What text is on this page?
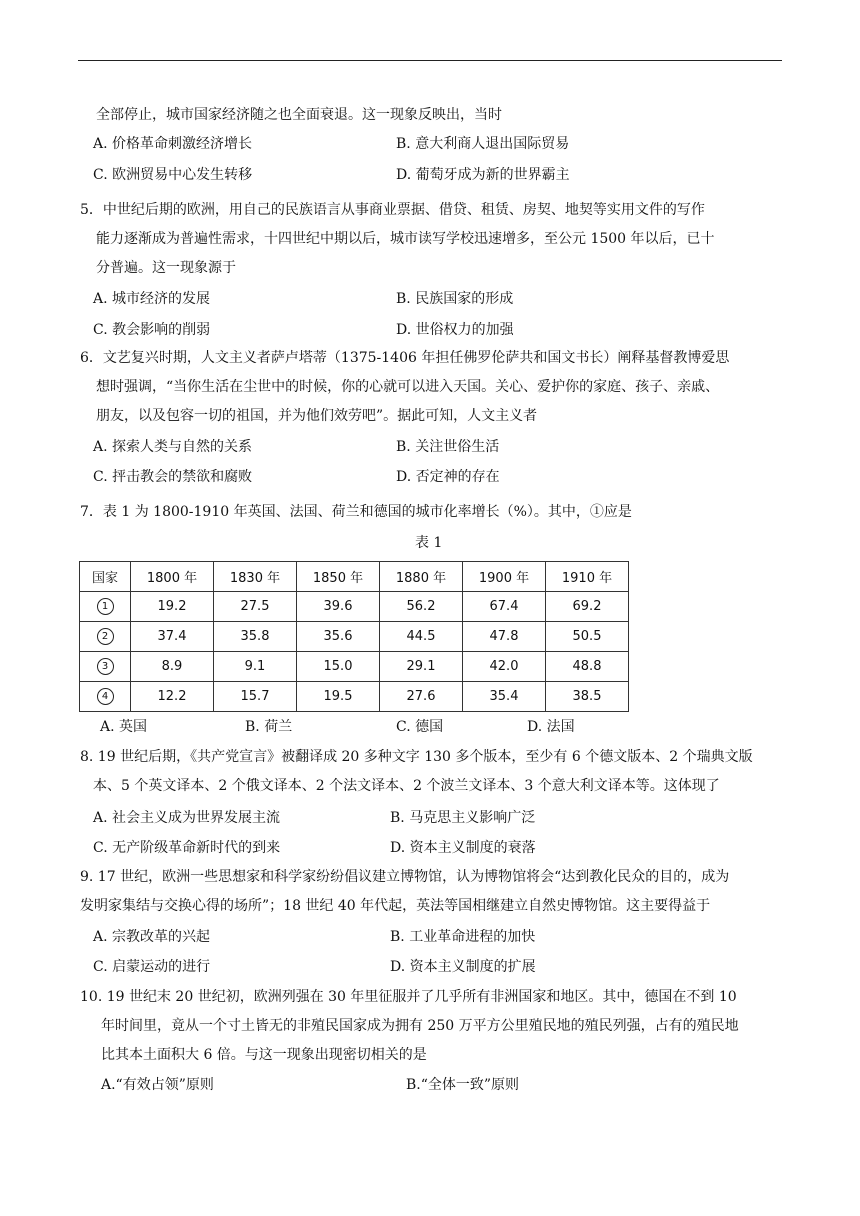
全部停止，城市国家经济随之也全面衰退。这一现象反映出，当时
A. 价格革命刺激经济增长	B. 意大利商人退出国际贸易
C. 欧洲贸易中心发生转移	D. 葡萄牙成为新的世界霸主
5．中世纪后期的欧洲，用自己的民族语言从事商业票据、借贷、租赁、房契、地契等实用文件的写作
能力逐渐成为普遍性需求，十四世纪中期以后，城市读写学校迅速增多，至公元 1500 年以后，已十
分普遍。这一现象源于
A. 城市经济的发展	B. 民族国家的形成
C. 教会影响的削弱	D. 世俗权力的加强
6．文艺复兴时期，人文主义者萨卢塔蒂（1375-1406 年担任佛罗伦萨共和国文书长）阐释基督教博爱思
想时强调，“当你生活在尘世中的时候，你的心就可以进入天国。关心、爱护你的家庭、孩子、亲戚、
朋友，以及包容一切的祖国，并为他们效劳吧”。据此可知，人文主义者
A. 探索人类与自然的关系	B. 关注世俗生活
C. 抨击教会的禁欲和腐败	D. 否定神的存在
7．表 1 为 1800-1910 年英国、法国、荷兰和德国的城市化率增长（%）。其中，①应是
表 1
国家	1800 年	1830 年	1850 年	1880 年	1900 年	1910 年
1	19.2	27.5	39.6	56.2	67.4	69.2
2	37.4	35.8	35.6	44.5	47.8	50.5
3	8.9	9.1	15.0	29.1	42.0	48.8
4	12.2	15.7	19.5	27.6	35.4	38.5
A. 英国	B. 荷兰	C. 德国	D. 法国
8. 19 世纪后期，《共产党宣言》被翻译成 20 多种文字 130 多个版本，至少有 6 个德文版本、2 个瑞典文版
本、5 个英文译本、2 个俄文译本、2 个法文译本、2 个波兰文译本、3 个意大利文译本等。这体现了
A. 社会主义成为世界发展主流	B. 马克思主义影响广泛
C. 无产阶级革命新时代的到来	D. 资本主义制度的衰落
9. 17 世纪，欧洲一些思想家和科学家纷纷倡议建立博物馆，认为博物馆将会“达到教化民众的目的，成为
发明家集结与交换心得的场所”；18 世纪 40 年代起，英法等国相继建立自然史博物馆。这主要得益于
A. 宗教改革的兴起	B. 工业革命进程的加快
C. 启蒙运动的进行	D. 资本主义制度的扩展
10. 19 世纪末 20 世纪初，欧洲列强在 30 年里征服并了几乎所有非洲国家和地区。其中，德国在不到 10
年时间里，竟从一个寸土皆无的非殖民国家成为拥有 250 万平方公里殖民地的殖民列强，占有的殖民地
比其本土面积大 6 倍。与这一现象出现密切相关的是
A.“有效占领”原则	B.“全体一致”原则
